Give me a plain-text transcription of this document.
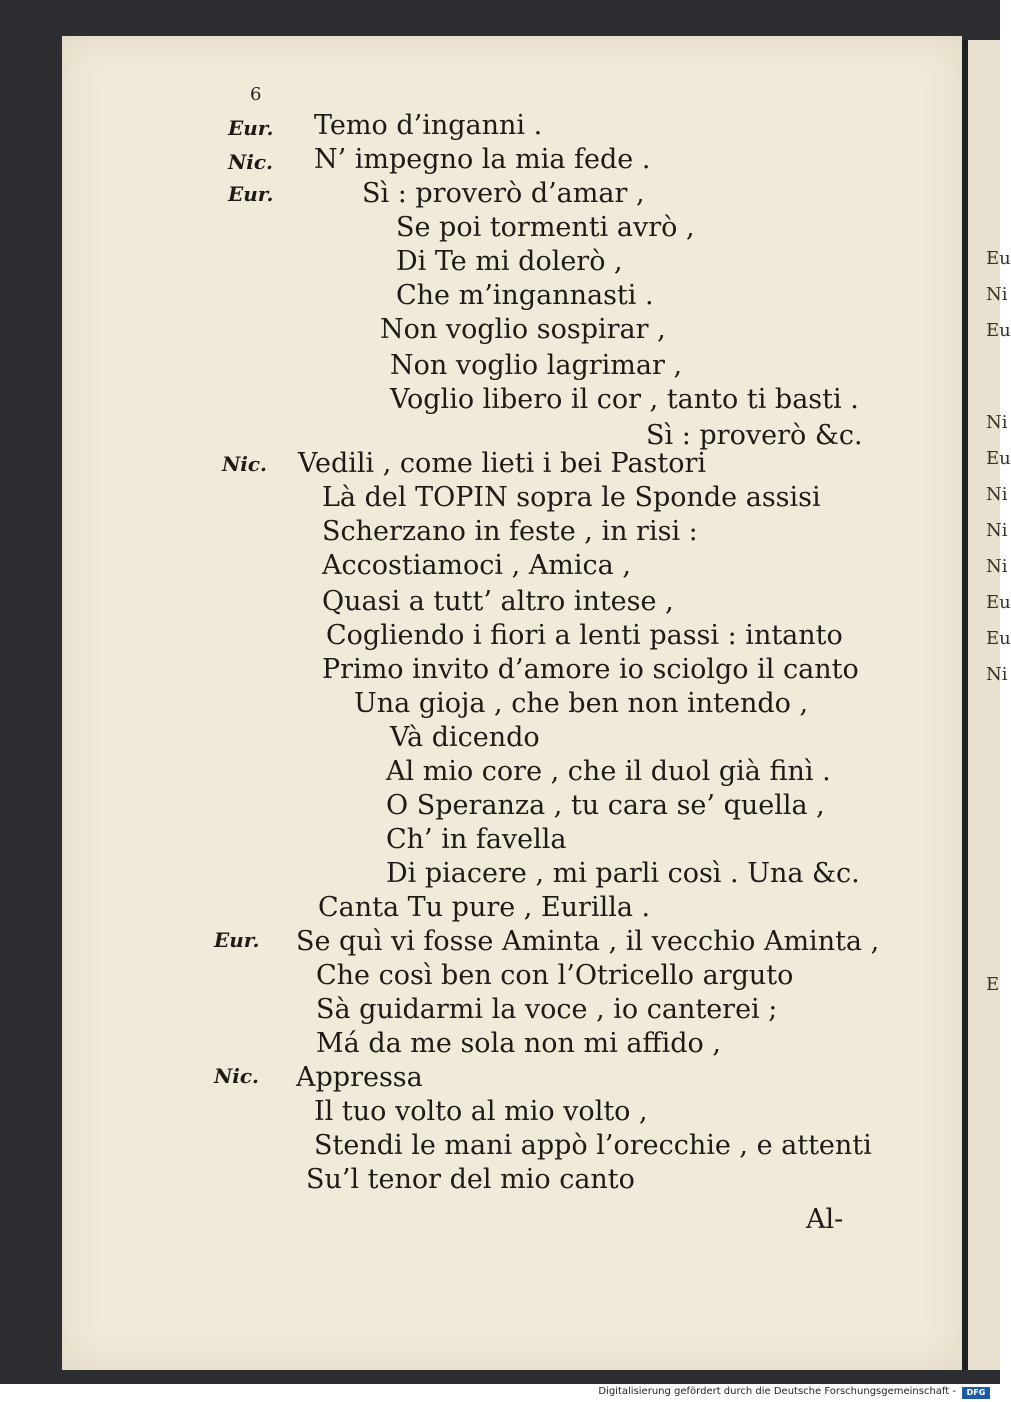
Eu
Ni
Eu
Ni
Eu
Ni
Ni
Ni
Eu
Eu
Ni
E
6
Eur.
Nic.
Eur.
Nic.
Eur.
Nic.
Temo d’inganni .
N’ impegno la mia fede .
Sì : proverò d’amar ,
Se poi tormenti avrò ,
Di Te mi dolerò ,
Che m’ingannasti .
Non voglio sospirar ,
Non voglio lagrimar ,
Voglio libero il cor , tanto ti basti .
Sì : proverò &c.
Vedili , come lieti i bei Pastori
Là del TOPIN sopra le Sponde assisi
Scherzano in feste , in risi :
Accostiamoci , Amica ,
Quasi a tutt’ altro intese ,
Cogliendo i fiori a lenti passi : intanto
Primo invito d’amore io sciolgo il canto
Una gioja , che ben non intendo ,
Và dicendo
Al mio core , che il duol già finì .
O Speranza , tu cara se’ quella ,
Ch’ in favella
Di piacere , mi parli così . Una &c.
Canta Tu pure , Eurilla .
Se quì vi fosse Aminta , il vecchio Aminta ,
Che così ben con l’Otricello arguto
Sà guidarmi la voce , io canterei ;
Má da me sola non mi affido ,
Appressa
Il tuo volto al mio volto ,
Stendi le mani appò l’orecchie , e attenti
Su’l tenor del mio canto
Al-
Digitalisierung gefördert durch die Deutsche Forschungsgemeinschaft -	DFG
